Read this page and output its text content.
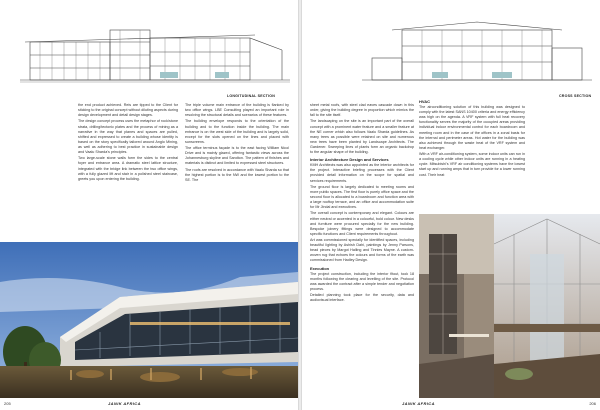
LONGITUDINAL SECTION

the end product achieved. Reis are tipped to the Client for sticking to the original concept without diluting aspects during design development and detail design stages.

The design concept process uses the metaphor of rock/stone strata, drilling/tectonic plates and the process of mining as a narrative in the way that planes and spaces are pulled, shifted and expressed to create a building whose identity is based on the story specifically tailored around Anglo Mining, as well as adhering to best practice in sustainable design and Vaalu Sharda's principles.

Two large-scale stone walls form the sides to the central foyer and entrance area. A dramatic steel lattice structure, integrated with the bridge link between the two office wings, with a fully glazed lift and stair in a polished steel staircase, greets you upon entering the building.

The triple volume main entrance of the building is flanked by two office wings. LBE Consulting played an important role in resolving the structural details and scenarios of these features.

The building envelope responds to the orientation of the building and to the function inside the building. The main entrance is on the west side of the building and is largely solid, except for the slots opened on the lines and placed with sunscreens.

The office terminus façade is to the east facing William Nicol Drive and is mainly glazed, offering fantastic views across the Johannesburg skyline and Sandton. The pattern of finishes and materials is distinct and limited to expressed steel structures.

The roofs are resolved in accordance with Vaalu Sharda so that the highest portion is to the NW and the lowest portion to the SE. The

205	JANIK AFRICA
CROSS SECTION

sheet metal roofs, with steel clad eaves cascade down in this order, giving the building degree in proportion which mimics the fall to the site itself.

The landscaping on the site is an important part of the overall concept with a prominent water feature and a smaller feature at the NE corner which also follows Vaalu Sharda guidelines. As many trees as possible were retained on site and numerous new trees have been planted by Landscape Architects. The Gardener. Sweeping lines of plants form an organic backdrop to the angular shape of the building.

Interior Architecture Design and Services

KMH Architects was also appointed as the interior architects for the project. Interactive briefing processes with the Client provided detail information on the scope for spatial and services requirements.

The ground floor is largely dedicated to meeting rooms and more public spaces. The first floor is purely office space and the second floor is allocated to a boardroom and function area with a large rooftop terrace, and an office and accommodation suite for Mr Jindal and executives.

The overall concept is contemporary and elegant. Colours are either neutral or accented in a colourful, bold colour. New desks and furniture were procured specially for the new building. Bespoke joinery fittings were designed to accommodate specific functions and Client requirements throughout.

Art was commissioned specially for identified spaces, including beautiful lighting by Ashish Dahi, paintings by Jenny Parsons, bead pieces by Margot Halling and Tinnies Mayne. A custom-woven rug that echoes the colours and forms of the earth was commissioned from Hadley Design.

Execution

The project construction, including the interior fitout, took 18 months following the clearing and levelling of the site. Protocol was awarded the contract after a simple tender and negotiation process.

Detailed planning took place for the security, data and audiovisual interface.

HVAC

The airconditioning solution of this building was designed to comply with the latest SANS 10400 criteria and energy efficiency was high on the agenda. A VRF system with full heat recovery functionality serves the majority of the occupied areas providing individual indoor environmental control for each boardroom and meeting room and in the case of the offices in a zonal basis for the internal and perimeter areas. Hot water for the building was also achieved through the waste heat of the VRF system and heat exchanger.

With a VRF air-conditioning system, some indoor units can run in a cooling cycle while other indoor units are running in a heating cycle. Mitsubishi's VRF air conditioning systems have the lowest start up and running amps that in turn provide for a lower running cost. Their heat

206
JANIK AFRICA
